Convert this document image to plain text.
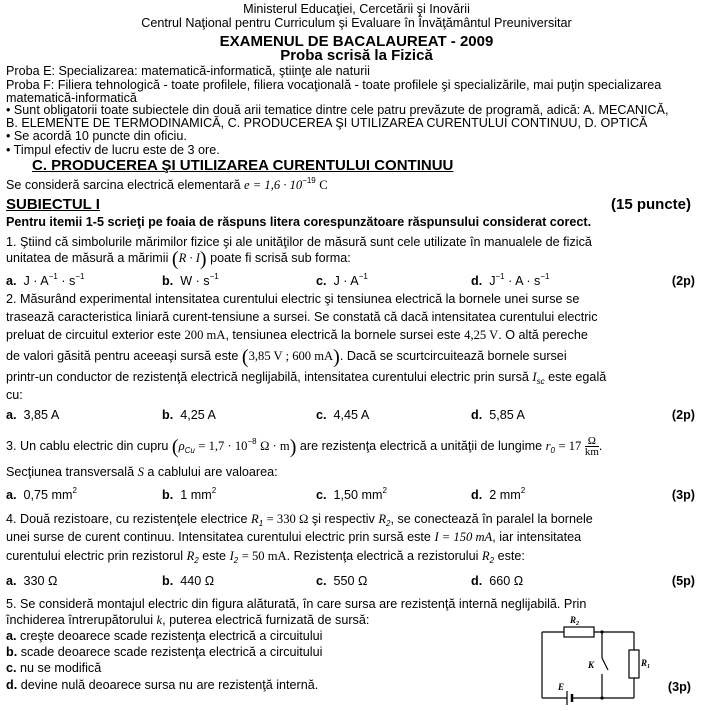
Ministerul Educaţiei, Cercetării şi Inovării
Centrul Naţional pentru Curriculum şi Evaluare în Învăţământul Preuniversitar
EXAMENUL DE BACALAUREAT - 2009
Proba scrisă la Fizică
Proba E: Specializarea: matematică-informatică, ştiinţe ale naturii
Proba F: Filiera tehnologică - toate profilele, filiera vocaţională - toate profilele şi specializările, mai puţin specializarea
matematică-informatică
• Sunt obligatorii toate subiectele din două arii tematice dintre cele patru prevăzute de programă, adică: A. MECANICĂ,
B. ELEMENTE DE TERMODINAMICĂ, C. PRODUCEREA ŞI UTILIZAREA CURENTULUI CONTINUU, D. OPTICĂ
• Se acordă 10 puncte din oficiu.
• Timpul efectiv de lucru este de 3 ore.
C. PRODUCEREA ŞI UTILIZAREA CURENTULUI CONTINUU
Se consideră sarcina electrică elementară $e = 1,6 \cdot 10^{-19}$ C
SUBIECTUL I	(15 puncte)
Pentru itemii 1-5 scrieţi pe foaia de răspuns litera corespunzătoare răspunsului considerat corect.
1. Ştiind că simbolurile mărimilor fizice şi ale unităţilor de măsură sunt cele utilizate în manualele de fizică
unitatea de măsură a mărimii (R · I) poate fi scrisă sub forma:
a. $J \cdot A^{-1} \cdot s^{-1}$	b. $W \cdot s^{-1}$	c. $J \cdot A^{-1}$	d. $J^{-1} \cdot A \cdot s^{-1}$	(2p)
2. Măsurând experimental intensitatea curentului electric şi tensiunea electrică la bornele unei surse se
trasează caracteristica liniară curent-tensiune a sursei. Se constată că dacă intensitatea curentului electric
preluat de circuitul exterior este 200 mA, tensiunea electrică la bornele sursei este 4,25 V. O altă pereche
de valori găsită pentru aceeaşi sursă este (3,85 V ; 600 mA). Dacă se scurtcircuitează bornele sursei
printr-un conductor de rezistenţă electrică neglijabilă, intensitatea curentului electric prin sursă $I_{sc}$ este egală
cu:
a. 3,85 A	b. 4,25 A	c. 4,45 A	d. 5,85 A	(2p)
3. Un cablu electric din cupru ($\rho_{Cu} = 1,7 \cdot 10^{-8}$ Ω · m) are rezistenţa electrică a unităţii de lungime $r_0 = 17 \frac{\Omega}{km}$ .
Secţiunea transversală S a cablului are valoarea:
a. 0,75 $mm^2$	b. 1 $mm^2$	c. 1,50 $mm^2$	d. 2 $mm^2$	(3p)
4. Două rezistoare, cu rezistenţele electrice $R_1 = 330$ Ω şi respectiv $R_2$, se conectează în paralel la bornele
unei surse de curent continuu. Intensitatea curentului electric prin sursă este I = 150 mA, iar intensitatea
curentului electric prin rezistorul $R_2$ este $I_2 = 50$ mA. Rezistenţa electrică a rezistorului $R_2$ este:
a. 330 Ω	b. 440 Ω	c. 550 Ω	d. 660 Ω	(5p)
5. Se consideră montajul electric din figura alăturată, în care sursa are rezistenţă internă neglijabilă. Prin
închiderea întrerupătorului k, puterea electrică furnizată de sursă:
a. creşte deoarece scade rezistenţa electrică a circuitului
b. scade deoarece scade rezistenţa electrică a circuitului
c. nu se modifică
d. devine nulă deoarece sursa nu are rezistenţă internă.	(3p)
$R_2$
$R_1$
K
E
